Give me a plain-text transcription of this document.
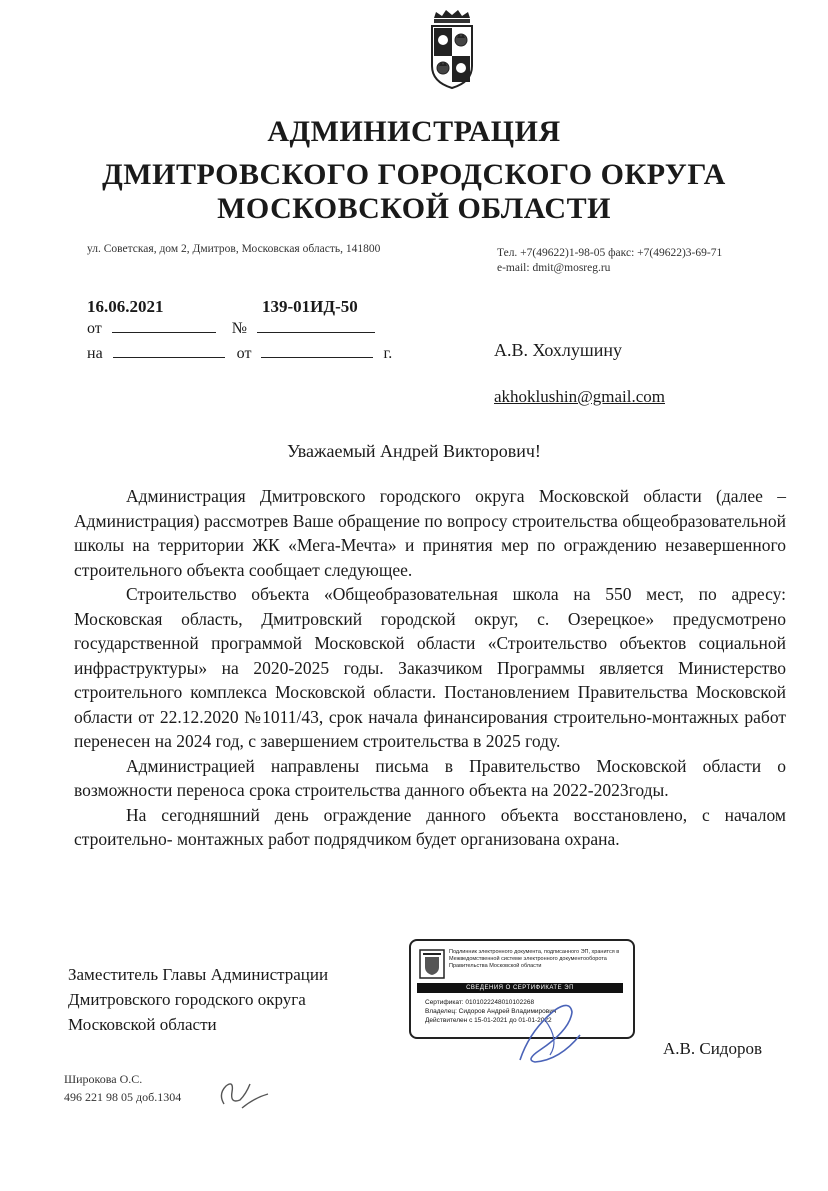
АДМИНИСТРАЦИЯ
ДМИТРОВСКОГО ГОРОДСКОГО ОКРУГА
МОСКОВСКОЙ ОБЛАСТИ
ул. Советская, дом 2, Дмитров, Московская область, 141800	Тел. +7(49622)1-98-05 факс: +7(49622)3-69-71
e-mail: dmit@mosreg.ru
16.06.2021	139-01ИД-50
от	№
на	от	г.	А.В. Хохлушину
akhoklushin@gmail.com
Уважаемый Андрей Викторович!

Администрация Дмитровского городского округа Московской области (далее – Администрация) рассмотрев Ваше обращение по вопросу строительства общеобразовательной школы на территории ЖК «Мега-Мечта» и принятия мер по ограждению незавершенного строительного объекта сообщает следующее.

Строительство объекта «Общеобразовательная школа на 550 мест, по адресу: Московская область, Дмитровский городской округ, с. Озерецкое» предусмотрено государственной программой Московской области «Строительство объектов социальной инфраструктуры» на 2020-2025 годы. Заказчиком Программы является Министерство строительного комплекса Московской области. Постановлением Правительства Московской области от 22.12.2020 №1011/43, срок начала финансирования строительно-монтажных работ перенесен на 2024 год, с завершением строительства в 2025 году.

Администрацией направлены письма в Правительство Московской области о возможности переноса срока строительства данного объекта на 2022-2023годы.

На сегодняшний день ограждение данного объекта восстановлено, с началом строительно- монтажных работ подрядчиком будет организована охрана.

Заместитель Главы Администрации
Дмитровского городского округа
Московской области
Подлинник электронного документа, подписанного ЭП, хранится в Межведомственной системе электронного документооборота Правительства Московской области
СВЕДЕНИЯ О СЕРТИФИКАТЕ ЭП
Сертификат: 0101022248010102268
Владелец: Сидоров Андрей Владимирович
Действителен с 15-01-2021 до 01-01-2022
А.В. Сидоров
Широкова О.С.
496 221 98 05 доб.1304
